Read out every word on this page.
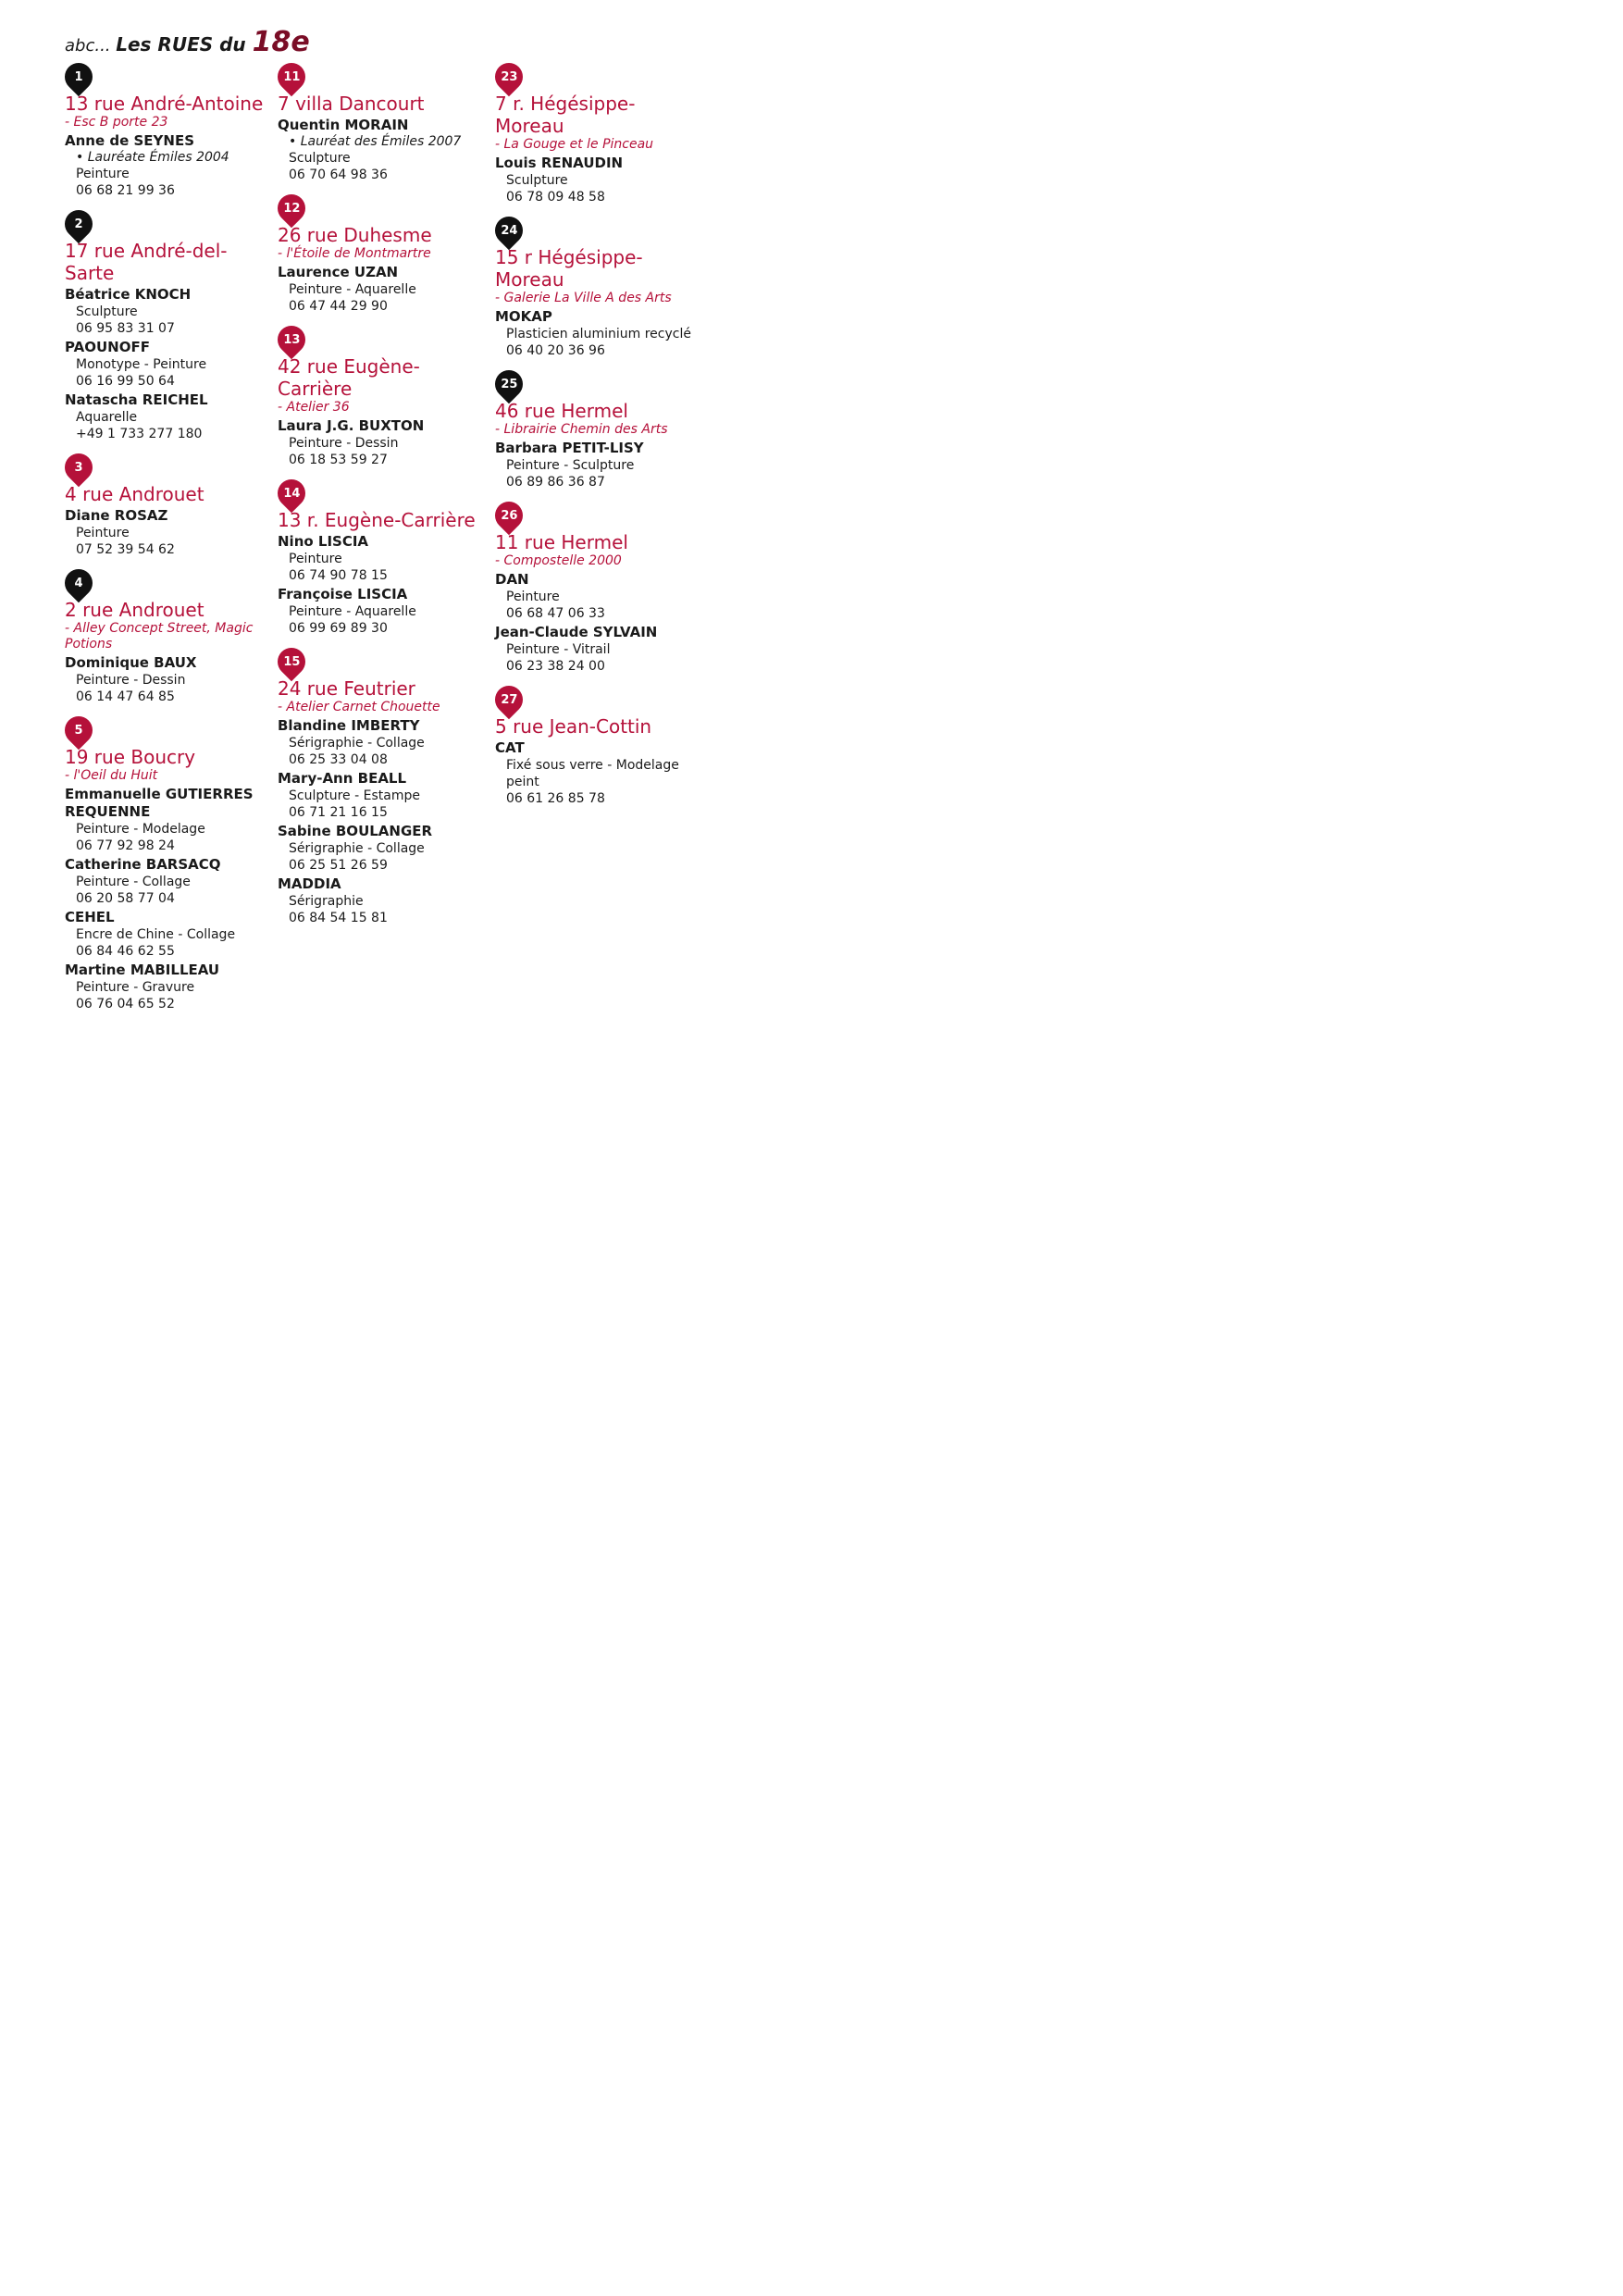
abc... Les RUES du 18e
1
13 rue André-Antoine
- Esc B porte 23
Anne de SEYNES
• Lauréate Émiles 2004
Peinture
06 68 21 99 36
2
17 rue André-del-Sarte
Béatrice KNOCH
Sculpture
06 95 83 31 07
PAOUNOFF
Monotype - Peinture
06 16 99 50 64
Natascha REICHEL
Aquarelle
+49 1 733 277 180
3
4 rue Androuet
Diane ROSAZ
Peinture
07 52 39 54 62
4
2 rue Androuet
- Alley Concept Street, Magic Potions
Dominique BAUX
Peinture - Dessin
06 14 47 64 85
5
19 rue Boucry
- l'Oeil du Huit
Emmanuelle GUTIERRES REQUENNE
Peinture - Modelage
06 77 92 98 24
Catherine BARSACQ
Peinture - Collage
06 20 58 77 04
CEHEL
Encre de Chine - Collage
06 84 46 62 55
Martine MABILLEAU
Peinture - Gravure
06 76 04 65 52
11
7 villa Dancourt
Quentin MORAIN
• Lauréat des Émiles 2007
Sculpture
06 70 64 98 36
12
26 rue Duhesme
- l'Étoile de Montmartre
Laurence UZAN
Peinture - Aquarelle
06 47 44 29 90
13
42 rue Eugène-Carrière
- Atelier 36
Laura J.G. BUXTON
Peinture - Dessin
06 18 53 59 27
14
13 r. Eugène-Carrière
Nino LISCIA
Peinture
06 74 90 78 15
Françoise LISCIA
Peinture - Aquarelle
06 99 69 89 30
15
24 rue Feutrier
- Atelier Carnet Chouette
Blandine IMBERTY
Sérigraphie - Collage
06 25 33 04 08
Mary-Ann BEALL
Sculpture - Estampe
06 71 21 16 15
Sabine BOULANGER
Sérigraphie - Collage
06 25 51 26 59
MADDIA
Sérigraphie
06 84 54 15 81
23
7 r. Hégésippe-Moreau
- La Gouge et le Pinceau
Louis RENAUDIN
Sculpture
06 78 09 48 58
24
15 r Hégésippe-Moreau
- Galerie La Ville A des Arts
MOKAP
Plasticien aluminium recyclé
06 40 20 36 96
25
46 rue Hermel
- Librairie Chemin des Arts
Barbara PETIT-LISY
Peinture - Sculpture
06 89 86 36 87
26
11 rue Hermel
- Compostelle 2000
DAN
Peinture
06 68 47 06 33
Jean-Claude SYLVAIN
Peinture - Vitrail
06 23 38 24 00
27
5 rue Jean-Cottin
CAT
Fixé sous verre - Modelage peint
06 61 26 85 78
